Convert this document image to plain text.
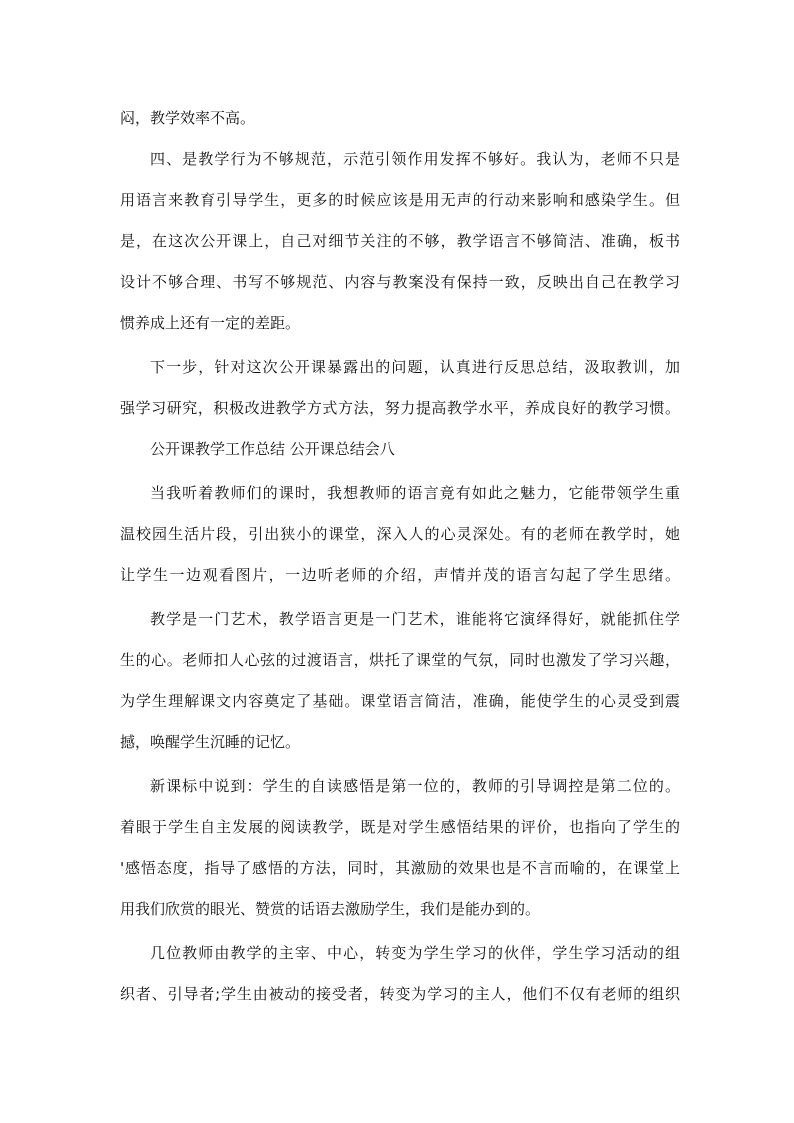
闷，教学效率不高。
四、是教学行为不够规范，示范引领作用发挥不够好。我认为，老师不只是
用语言来教育引导学生，更多的时候应该是用无声的行动来影响和感染学生。但
是，在这次公开课上，自己对细节关注的不够，教学语言不够简洁、准确，板书
设计不够合理、书写不够规范、内容与教案没有保持一致，反映出自己在教学习
惯养成上还有一定的差距。
下一步，针对这次公开课暴露出的问题，认真进行反思总结，汲取教训，加
强学习研究，积极改进教学方式方法，努力提高教学水平，养成良好的教学习惯。
公开课教学工作总结 公开课总结会八
当我听着教师们的课时，我想教师的语言竟有如此之魅力，它能带领学生重
温校园生活片段，引出狭小的课堂，深入人的心灵深处。有的老师在教学时，她
让学生一边观看图片，一边听老师的介绍，声情并茂的语言勾起了学生思绪。
教学是一门艺术，教学语言更是一门艺术，谁能将它演绎得好，就能抓住学
生的心。老师扣人心弦的过渡语言，烘托了课堂的气氛，同时也激发了学习兴趣，
为学生理解课文内容奠定了基础。课堂语言简洁，准确，能使学生的心灵受到震
撼，唤醒学生沉睡的记忆。
新课标中说到：学生的自读感悟是第一位的，教师的引导调控是第二位的。
着眼于学生自主发展的阅读教学，既是对学生感悟结果的评价，也指向了学生的
'感悟态度，指导了感悟的方法，同时，其激励的效果也是不言而喻的，在课堂上
用我们欣赏的眼光、赞赏的话语去激励学生，我们是能办到的。
几位教师由教学的主宰、中心，转变为学生学习的伙伴，学生学习活动的组
织者、引导者;学生由被动的接受者，转变为学习的主人，他们不仅有老师的组织
